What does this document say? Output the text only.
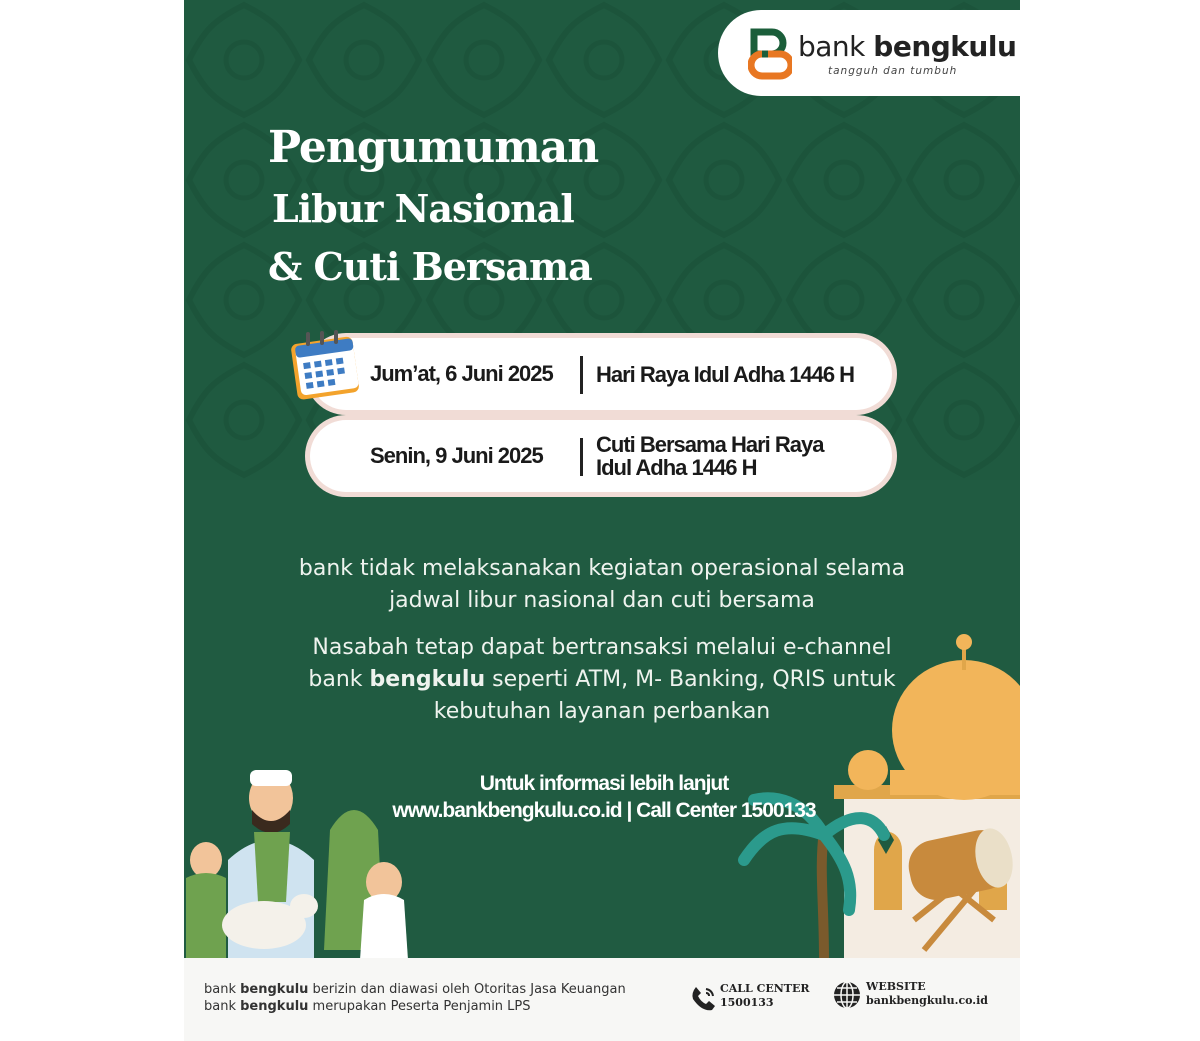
bank bengkulu
tangguh dan tumbuh
Pengumuman
Libur Nasional
& Cuti Bersama
Jum’at, 6 Juni 2025 Hari Raya Idul Adha 1446 H
Senin, 9 Juni 2025 Cuti Bersama Hari Raya
Idul Adha 1446 H
bank tidak melaksanakan kegiatan operasional selama
jadwal libur nasional dan cuti bersama
Nasabah tetap dapat bertransaksi melalui e-channel
bank bengkulu seperti ATM, M- Banking, QRIS untuk
kebutuhan layanan perbankan
Untuk informasi lebih lanjut
www.bankbengkulu.co.id | Call Center 1500133
bank bengkulu berizin dan diawasi oleh Otoritas Jasa Keuangan
bank bengkulu merupakan Peserta Penjamin LPS
CALL CENTER
1500133
WEBSITE
bankbengkulu.co.id
